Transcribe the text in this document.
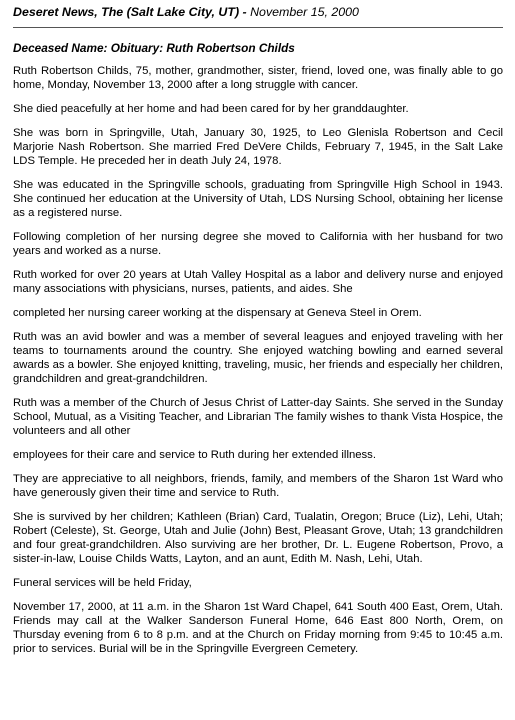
Deseret News, The (Salt Lake City, UT) - November 15, 2000
Deceased Name: Obituary: Ruth Robertson Childs

Ruth Robertson Childs, 75, mother, grandmother, sister, friend, loved one, was finally able to go home, Monday, November 13, 2000 after a long struggle with cancer.

She died peacefully at her home and had been cared for by her granddaughter.

She was born in Springville, Utah, January 30, 1925, to Leo Glenisla Robertson and Cecil Marjorie Nash Robertson. She married Fred DeVere Childs, February 7, 1945, in the Salt Lake LDS Temple. He preceded her in death July 24, 1978.

She was educated in the Springville schools, graduating from Springville High School in 1943. She continued her education at the University of Utah, LDS Nursing School, obtaining her license as a registered nurse.

Following completion of her nursing degree she moved to California with her husband for two years and worked as a nurse.

Ruth worked for over 20 years at Utah Valley Hospital as a labor and delivery nurse and enjoyed many associations with physicians, nurses, patients, and aides. She

completed her nursing career working at the dispensary at Geneva Steel in Orem.

Ruth was an avid bowler and was a member of several leagues and enjoyed traveling with her teams to tournaments around the country. She enjoyed watching bowling and earned several awards as a bowler. She enjoyed knitting, traveling, music, her friends and especially her children, grandchildren and great-grandchildren.

Ruth was a member of the Church of Jesus Christ of Latter-day Saints. She served in the Sunday School, Mutual, as a Visiting Teacher, and Librarian The family wishes to thank Vista Hospice, the volunteers and all other

employees for their care and service to Ruth during her extended illness.

They are appreciative to all neighbors, friends, family, and members of the Sharon 1st Ward who have generously given their time and service to Ruth.

She is survived by her children; Kathleen (Brian) Card, Tualatin, Oregon; Bruce (Liz), Lehi, Utah; Robert (Celeste), St. George, Utah and Julie (John) Best, Pleasant Grove, Utah; 13 grandchildren and four great-grandchildren. Also surviving are her brother, Dr. L. Eugene Robertson, Provo, a sister-in-law, Louise Childs Watts, Layton, and an aunt, Edith M. Nash, Lehi, Utah.

Funeral services will be held Friday,

November 17, 2000, at 11 a.m. in the Sharon 1st Ward Chapel, 641 South 400 East, Orem, Utah. Friends may call at the Walker Sanderson Funeral Home, 646 East 800 North, Orem, on Thursday evening from 6 to 8 p.m. and at the Church on Friday morning from 9:45 to 10:45 a.m. prior to services. Burial will be in the Springville Evergreen Cemetery.
